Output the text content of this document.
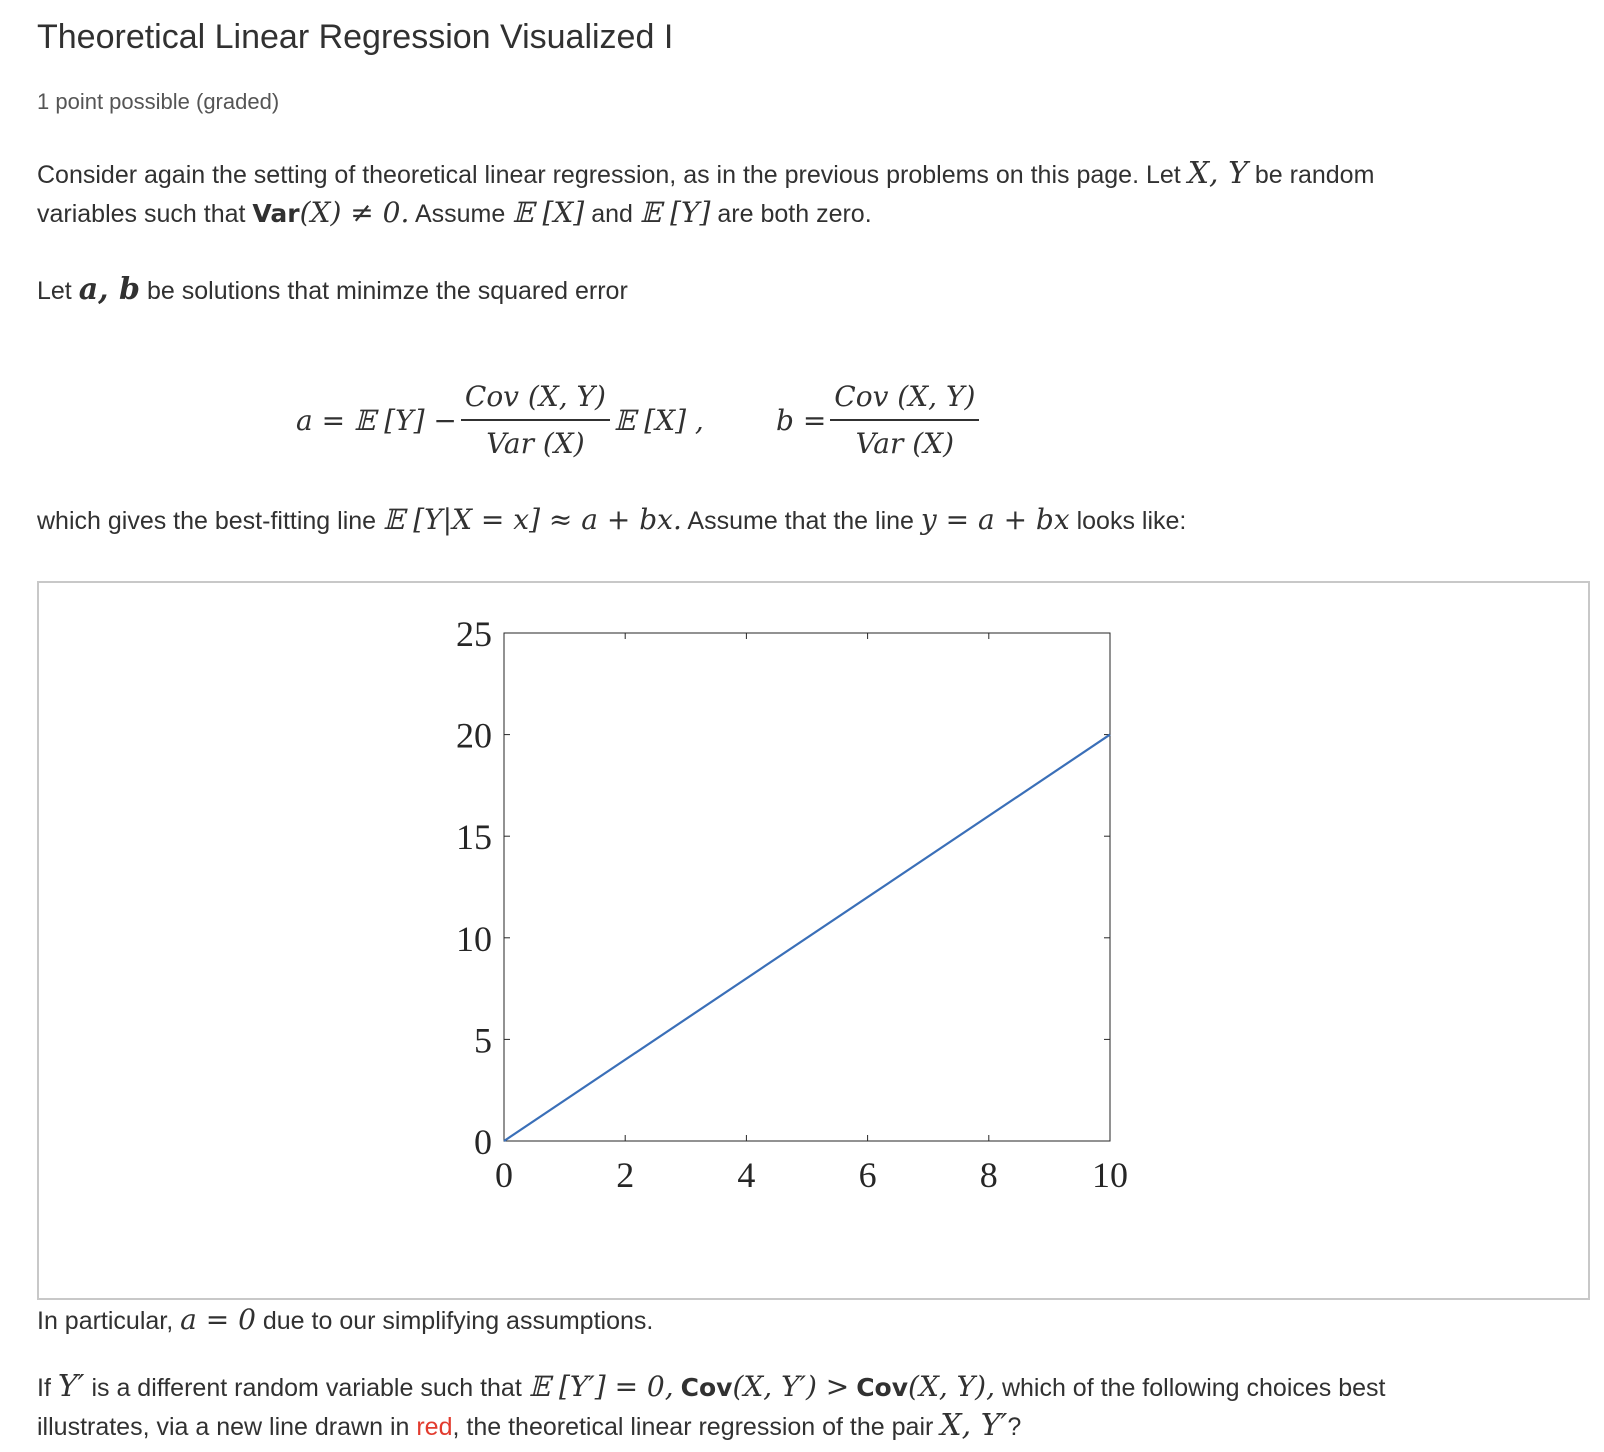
Theoretical Linear Regression Visualized I
1 point possible (graded)
Consider again the setting of theoretical linear regression, as in the previous problems on this page. Let X, Y be random
variables such that Var(X) ≠ 0. Assume 𝔼 [X] and 𝔼 [Y] are both zero.
Let a, b be solutions that minimze the squared error
a = 𝔼 $[Y] - \frac{\text{Cov (X, Y)}}{\text{Var (X)}}$ 𝔼 [X] ,	$b = \frac{\text{Cov (X, Y)}}{\text{Var (X)}}$
which gives the best-fitting line 𝔼 [Y|X = x] ≈ a + bx. Assume that the line y = a + bx looks like:
0	2	4	6	8	10
0
5
10
15
20
25
In particular, a = 0 due to our simplifying assumptions.
If Y′ is a different random variable such that 𝔼 [Y′] = 0, Cov(X, Y′) > Cov(X, Y), which of the following choices best
illustrates, via a new line drawn in red, the theoretical linear regression of the pair X, Y′?
